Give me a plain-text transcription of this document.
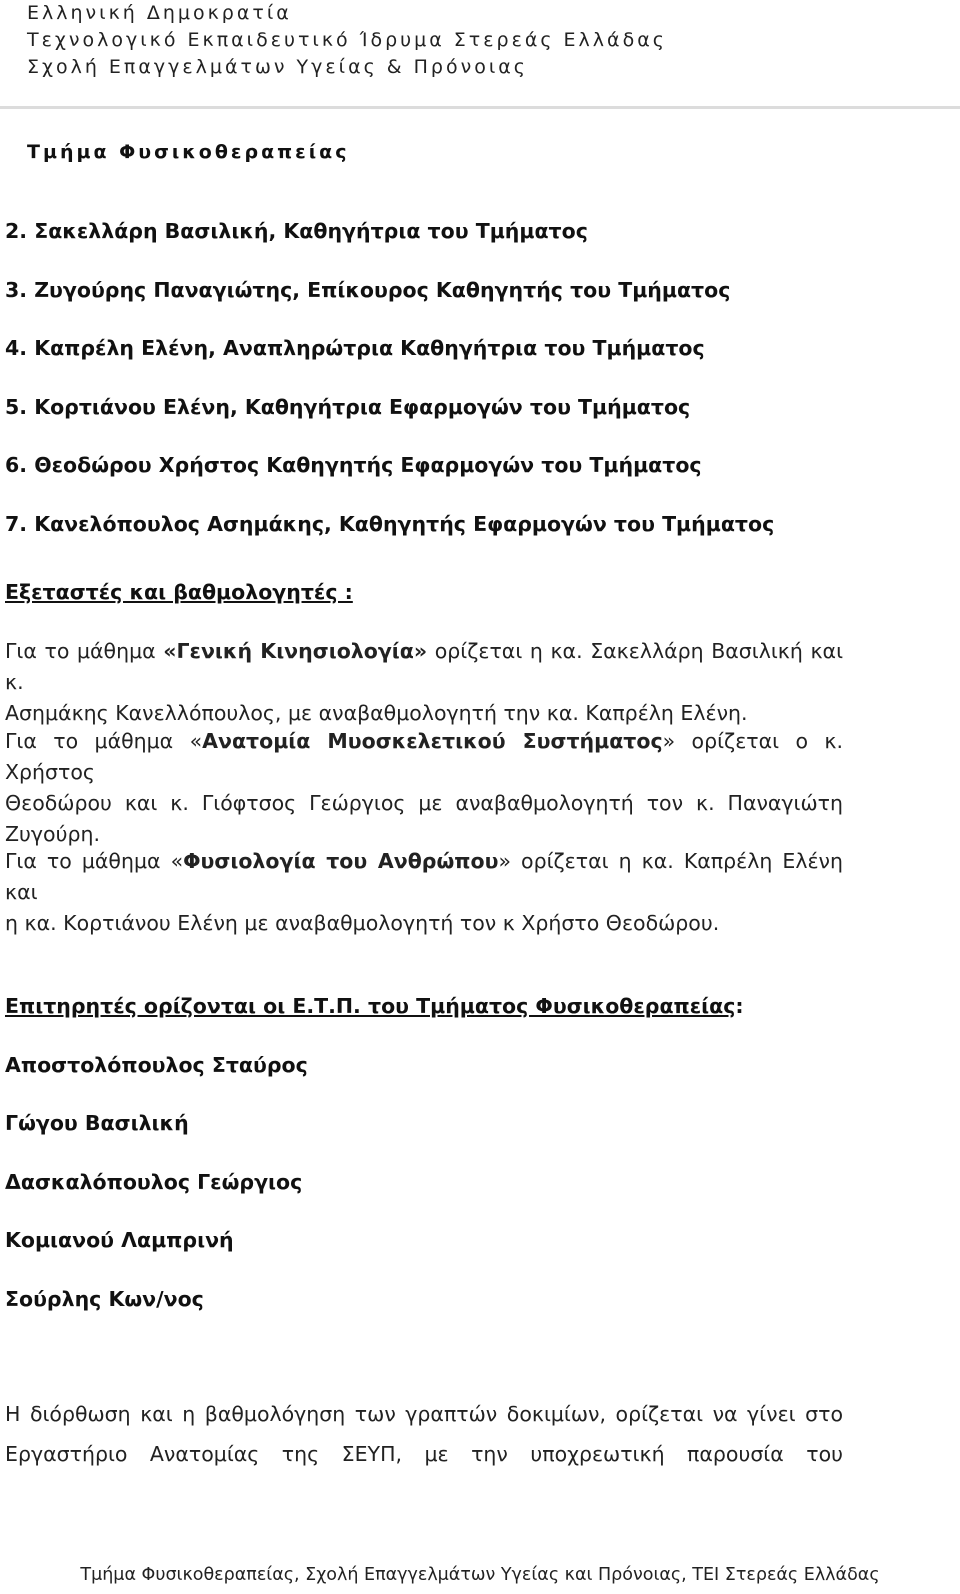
Ελληνική Δημοκρατία
Τεχνολογικό Εκπαιδευτικό Ίδρυμα Στερεάς Ελλάδας
Σχολή Επαγγελμάτων Υγείας & Πρόνοιας
Τμήμα Φυσικοθεραπείας
2. Σακελλάρη Βασιλική, Καθηγήτρια του Τμήματος
3. Ζυγούρης Παναγιώτης, Επίκουρος Καθηγητής του Τμήματος
4. Καπρέλη Ελένη, Αναπληρώτρια Καθηγήτρια του Τμήματος
5. Κορτιάνου Ελένη, Καθηγήτρια Εφαρμογών του Τμήματος
6. Θεοδώρου Χρήστος Καθηγητής Εφαρμογών του Τμήματος
7. Κανελόπουλος Ασημάκης, Καθηγητής Εφαρμογών του Τμήματος
Εξεταστές και βαθμολογητές :
Για το μάθημα «Γενική Κινησιολογία» ορίζεται η κα. Σακελλάρη Βασιλική και κ.
Ασημάκης Κανελλόπουλος, με αναβαθμολογητή την κα. Καπρέλη Ελένη.
Για το μάθημα «Ανατομία Μυοσκελετικού Συστήματος» ορίζεται ο κ. Χρήστος
Θεοδώρου και κ. Γιόφτσος Γεώργιος με αναβαθμολογητή τον κ. Παναγιώτη
Ζυγούρη.
Για το μάθημα «Φυσιολογία του Ανθρώπου» ορίζεται η κα. Καπρέλη Ελένη και
η κα. Κορτιάνου Ελένη με αναβαθμολογητή τον κ Χρήστο Θεοδώρου.
Επιτηρητές ορίζονται οι Ε.Τ.Π. του Τμήματος Φυσικοθεραπείας:
Αποστολόπουλος Σταύρος
Γώγου Βασιλική
Δασκαλόπουλος Γεώργιος
Κομιανού Λαμπρινή
Σούρλης Κων/νος
Η διόρθωση και η βαθμολόγηση των γραπτών δοκιμίων, ορίζεται να γίνει στο
Εργαστήριο Ανατομίας της ΣΕΥΠ, με την υποχρεωτική παρουσία του
Τμήμα Φυσικοθεραπείας, Σχολή Επαγγελμάτων Υγείας και Πρόνοιας, ΤΕΙ Στερεάς Ελλάδας
